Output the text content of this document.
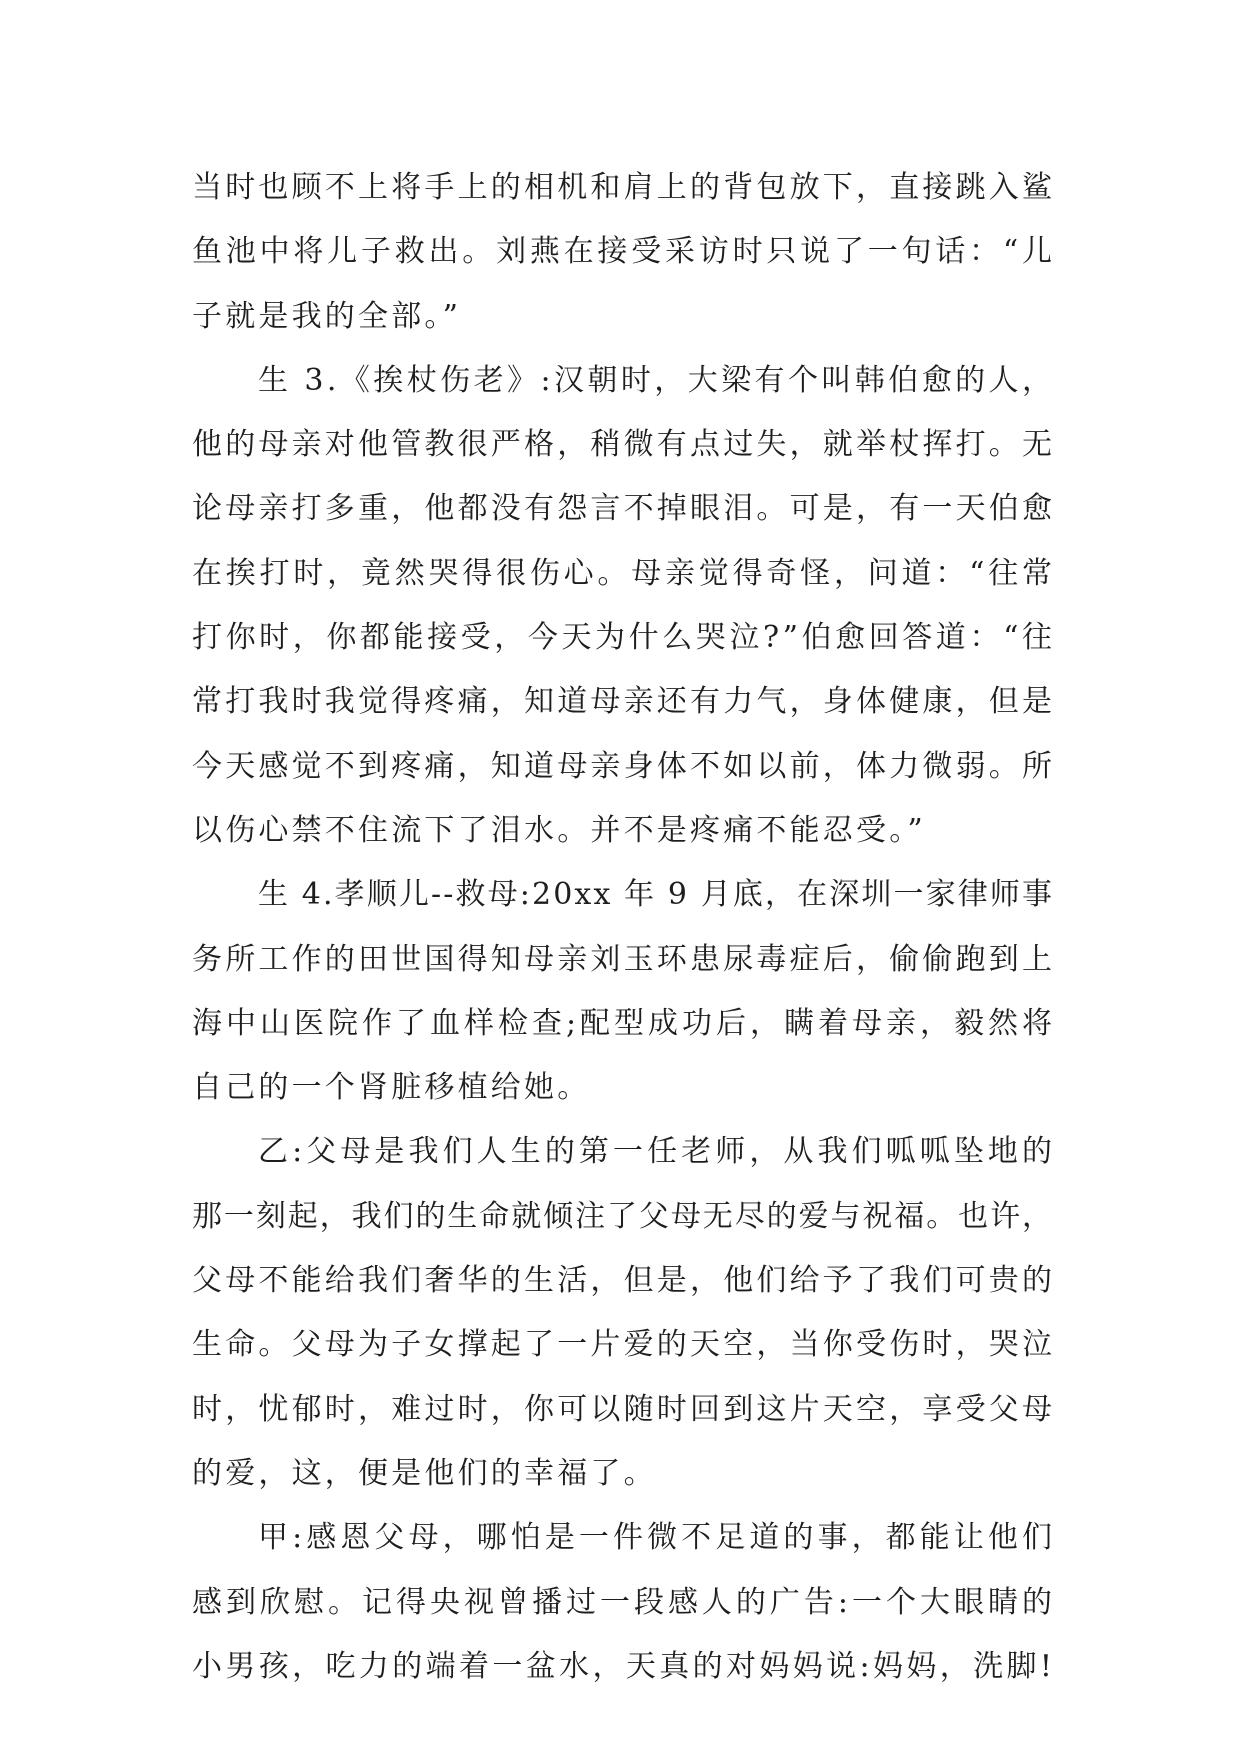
当时也顾不上将手上的相机和肩上的背包放下，直接跳入鲨
鱼池中将儿子救出。刘燕在接受采访时只说了一句话：“儿
子就是我的全部。”
生 3.《挨杖伤老》:汉朝时，大梁有个叫韩伯愈的人，
他的母亲对他管教很严格，稍微有点过失，就举杖挥打。无
论母亲打多重，他都没有怨言不掉眼泪。可是，有一天伯愈
在挨打时，竟然哭得很伤心。母亲觉得奇怪，问道：“往常
打你时，你都能接受，今天为什么哭泣?”伯愈回答道：“往
常打我时我觉得疼痛，知道母亲还有力气，身体健康，但是
今天感觉不到疼痛，知道母亲身体不如以前，体力微弱。所
以伤心禁不住流下了泪水。并不是疼痛不能忍受。”
生 4.孝顺儿--救母:20xx 年 9 月底，在深圳一家律师事
务所工作的田世国得知母亲刘玉环患尿毒症后，偷偷跑到上
海中山医院作了血样检查;配型成功后，瞒着母亲，毅然将
自己的一个肾脏移植给她。
乙:父母是我们人生的第一任老师，从我们呱呱坠地的
那一刻起，我们的生命就倾注了父母无尽的爱与祝福。也许，
父母不能给我们奢华的生活，但是，他们给予了我们可贵的
生命。父母为子女撑起了一片爱的天空，当你受伤时，哭泣
时，忧郁时，难过时，你可以随时回到这片天空，享受父母
的爱，这，便是他们的幸福了。
甲:感恩父母，哪怕是一件微不足道的事，都能让他们
感到欣慰。记得央视曾播过一段感人的广告:一个大眼睛的
小男孩，吃力的端着一盆水，天真的对妈妈说:妈妈，洗脚!
